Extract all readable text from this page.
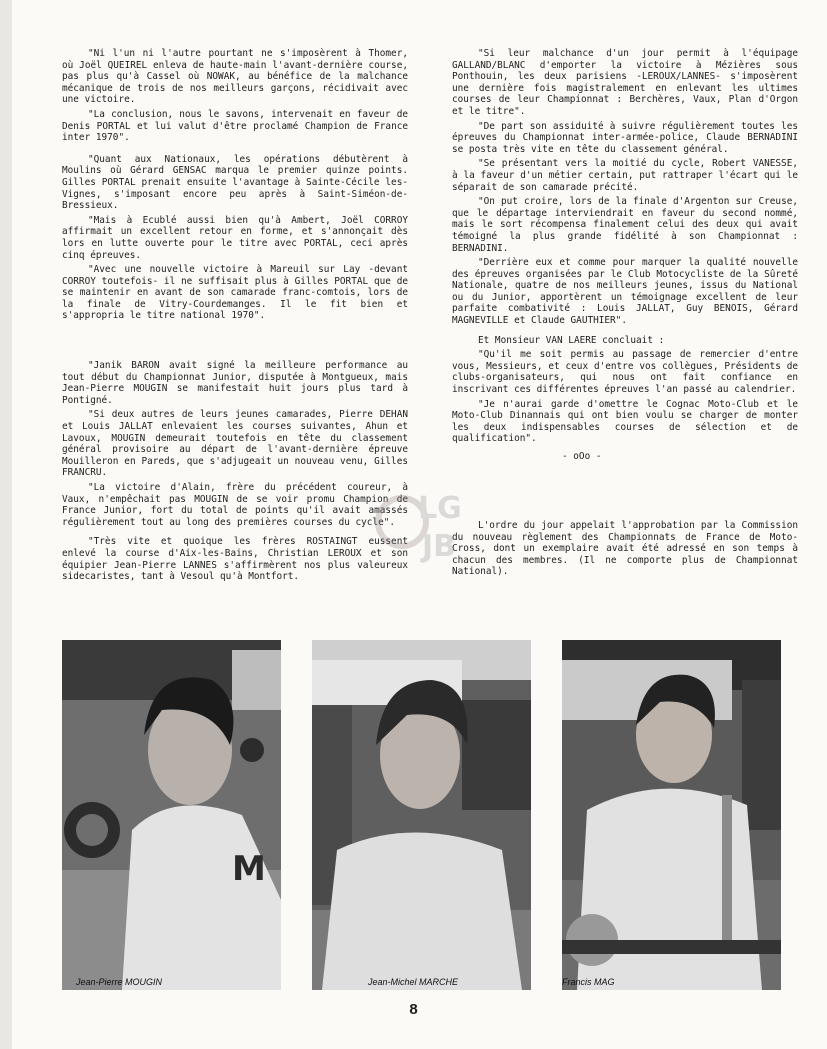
"Ni l'un ni l'autre pourtant ne s'imposèrent à Thomer, où Joël QUEIREL enleva de haute-main l'avant-dernière course, pas plus qu'à Cassel où NOWAK, au bénéfice de la malchance mécanique de trois de nos meilleurs garçons, récidivait avec une victoire.

"La conclusion, nous le savons, intervenait en faveur de Denis PORTAL et lui valut d'être proclamé Champion de France inter 1970".

"Quant aux Nationaux, les opérations débutèrent à Moulins où Gérard GENSAC marqua le premier quinze points. Gilles PORTAL prenait ensuite l'avantage à Sainte-Cécile les-Vignes, s'imposant encore peu après à Saint-Siméon-de-Bressieux.

"Mais à Ecublé aussi bien qu'à Ambert, Joël CORROY affirmait un excellent retour en forme, et s'annonçait dès lors en lutte ouverte pour le titre avec PORTAL, ceci après cinq épreuves.

"Avec une nouvelle victoire à Mareuil sur Lay -devant CORROY toutefois- il ne suffisait plus à Gilles PORTAL que de se maintenir en avant de son camarade franc-comtois, lors de la finale de Vitry-Courdemanges. Il le fit bien et s'appropria le titre national 1970".

"Janik BARON avait signé la meilleure performance au tout début du Championnat Junior, disputée à Montgueux, mais Jean-Pierre MOUGIN se manifestait huit jours plus tard à Pontigné.

"Si deux autres de leurs jeunes camarades, Pierre DEHAN et Louis JALLAT enlevaient les courses suivantes, Ahun et Lavoux, MOUGIN demeurait toutefois en tête du classement général provisoire au départ de l'avant-dernière épreuve Mouilleron en Pareds, que s'adjugeait un nouveau venu, Gilles FRANCRU.

"La victoire d'Alain, frère du précédent coureur, à Vaux, n'empêchait pas MOUGIN de se voir promu Champion de France Junior, fort du total de points qu'il avait amassés régulièrement tout au long des premières courses du cycle".

"Très vite et quoique les frères ROSTAINGT eussent enlevé la course d'Aix-les-Bains, Christian LEROUX et son équipier Jean-Pierre LANNES s'affirmèrent nos plus valeureux sidecaristes, tant à Vesoul qu'à Montfort.

"Si leur malchance d'un jour permit à l'équipage GALLAND/BLANC d'emporter la victoire à Mézières sous Ponthouin, les deux parisiens -LEROUX/LANNES- s'imposèrent une dernière fois magistralement en enlevant les ultimes courses de leur Championnat : Berchères, Vaux, Plan d'Orgon et le titre".

"De part son assiduité à suivre régulièrement toutes les épreuves du Championnat inter-armée-police, Claude BERNADINI se posta très vite en tête du classement général.

"Se présentant vers la moitié du cycle, Robert VANESSE, à la faveur d'un métier certain, put rattraper l'écart qui le séparait de son camarade précité.

"On put croire, lors de la finale d'Argenton sur Creuse, que le départage interviendrait en faveur du second nommé, mais le sort récompensa finalement celui des deux qui avait témoigné la plus grande fidélité à son Championnat : BERNADINI.

"Derrière eux et comme pour marquer la qualité nouvelle des épreuves organisées par le Club Motocycliste de la Sûreté Nationale, quatre de nos meilleurs jeunes, issus du National ou du Junior, apportèrent un témoignage excellent de leur parfaite combativité : Louis JALLAT, Guy BENOIS, Gérard MAGNEVILLE et Claude GAUTHIER".

Et Monsieur VAN LAERE concluait :

"Qu'il me soit permis au passage de remercier d'entre vous, Messieurs, et ceux d'entre vos collègues, Présidents de clubs-organisateurs, qui nous ont fait confiance en inscrivant ces différentes épreuves l'an passé au calendrier.

"Je n'aurai garde d'omettre le Cognac Moto-Club et le Moto-Club Dinannais qui ont bien voulu se charger de monter les deux indispensables courses de sélection et de qualification".

- oOo -

L'ordre du jour appelait l'approbation par la Commission du nouveau règlement des Championnats de France de Moto-Cross, dont un exemplaire avait été adressé en son temps à chacun des membres. (Il ne comporte plus de Championnat National).

LG
JB
M
Jean-Pierre MOUGIN	Jean-Michel MARCHE	Francis MAG
8
